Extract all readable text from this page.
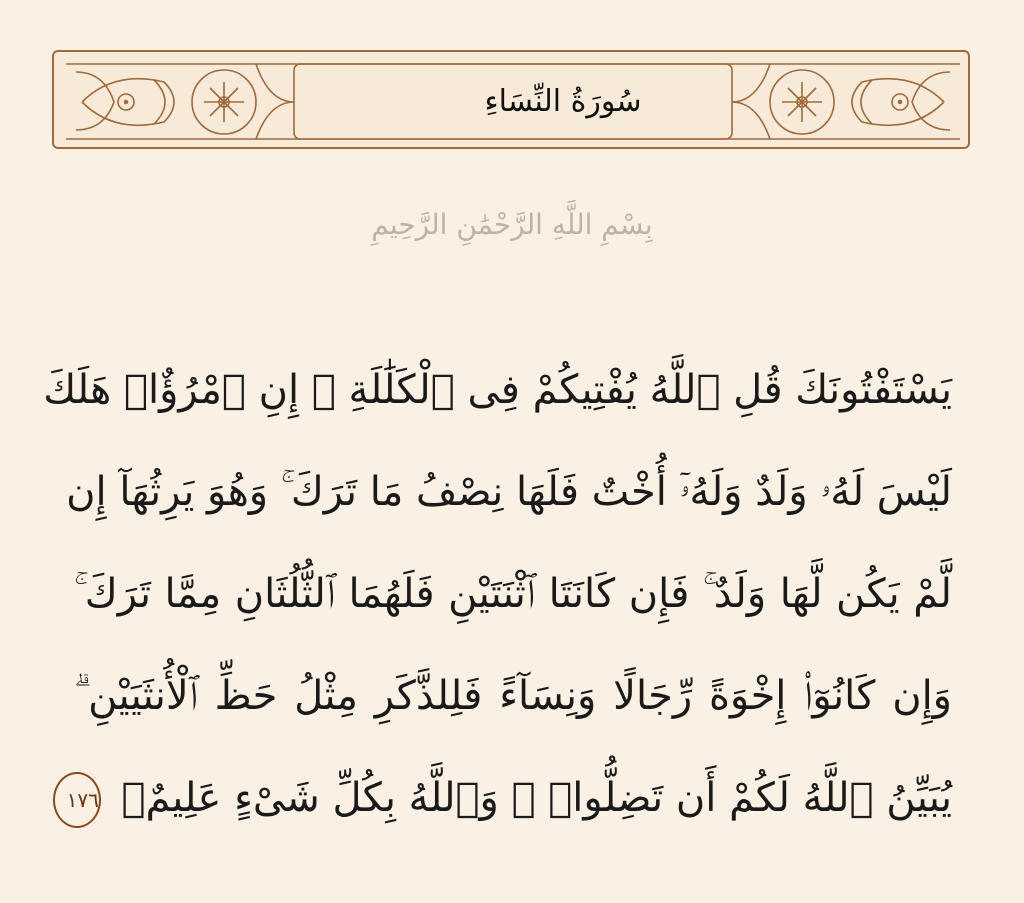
سُورَةُ النِّسَاءِ
بِسْمِ اللَّهِ الرَّحْمَٰنِ الرَّحِيمِ
يَسْتَفْتُونَكَ قُلِ ٱللَّهُ يُفْتِيكُمْ فِى ٱلْكَلَٰلَةِ ۚ إِنِ ٱمْرُؤٌا۟ هَلَكَ
لَيْسَ لَهُۥ وَلَدٌ وَلَهُۥٓ أُخْتٌ فَلَهَا نِصْفُ مَا تَرَكَ ۚ وَهُوَ يَرِثُهَآ إِن
لَّمْ يَكُن لَّهَا وَلَدٌ ۚ فَإِن كَانَتَا ٱثْنَتَيْنِ فَلَهُمَا ٱلثُّلُثَانِ مِمَّا تَرَكَ ۚ
وَإِن كَانُوٓا۟ إِخْوَةً رِّجَالًا وَنِسَآءً فَلِلذَّكَرِ مِثْلُ حَظِّ ٱلْأُنثَيَيْنِ ۗ
يُبَيِّنُ ٱللَّهُ لَكُمْ أَن تَضِلُّوا۟ ۗ وَٱللَّهُ بِكُلِّ شَىْءٍ عَلِيمٌۢ ١٧٦
